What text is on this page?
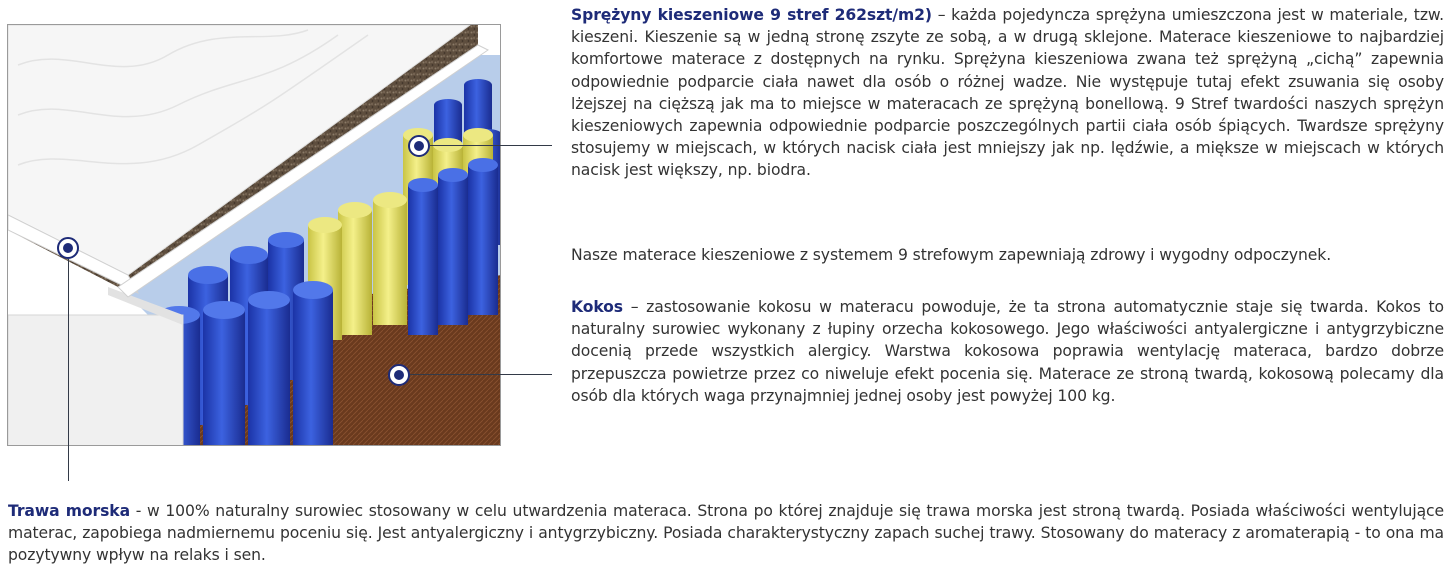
Sprężyny kieszeniowe 9 stref 262szt/m2) – każda pojedyncza sprężyna umieszczona jest w materiale, tzw. kieszeni. Kieszenie są w jedną stronę zszyte ze sobą, a w drugą sklejone. Materace kieszeniowe to najbardziej komfortowe materace z dostępnych na rynku. Sprężyna kieszeniowa zwana też sprężyną „cichą” zapewnia odpowiednie podparcie ciała nawet dla osób o różnej wadze. Nie występuje tutaj efekt zsuwania się osoby lżejszej na cięższą jak ma to miejsce w materacach ze sprężyną bonellową. 9 Stref twardości naszych sprężyn kieszeniowych zapewnia odpowiednie podparcie poszczególnych partii ciała osób śpiących. Twardsze sprężyny stosujemy w miejscach, w których nacisk ciała jest mniejszy jak np. lędźwie, a miększe w miejscach w których nacisk jest większy, np. biodra.

Nasze materace kieszeniowe z systemem 9 strefowym zapewniają zdrowy i wygodny odpoczynek.

Kokos – zastosowanie kokosu w materacu powoduje, że ta strona automatycznie staje się twarda. Kokos to naturalny surowiec wykonany z łupiny orzecha kokosowego. Jego właściwości antyalergiczne i antygrzybiczne docenią przede wszystkich alergicy. Warstwa kokosowa poprawia wentylację materaca, bardzo dobrze przepuszcza powietrze przez co niweluje efekt pocenia się. Materace ze stroną twardą, kokosową polecamy dla osób dla których waga przynajmniej jednej osoby jest powyżej 100 kg.

Trawa morska - w 100% naturalny surowiec stosowany w celu utwardzenia materaca. Strona po której znajduje się trawa morska jest stroną twardą. Posiada właściwości wentylujące materac, zapobiega nadmiernemu poceniu się. Jest antyalergiczny i antygrzybiczny. Posiada charakterystyczny zapach suchej trawy. Stosowany do materacy z aromaterapią - to ona ma pozytywny wpływ na relaks i sen.
